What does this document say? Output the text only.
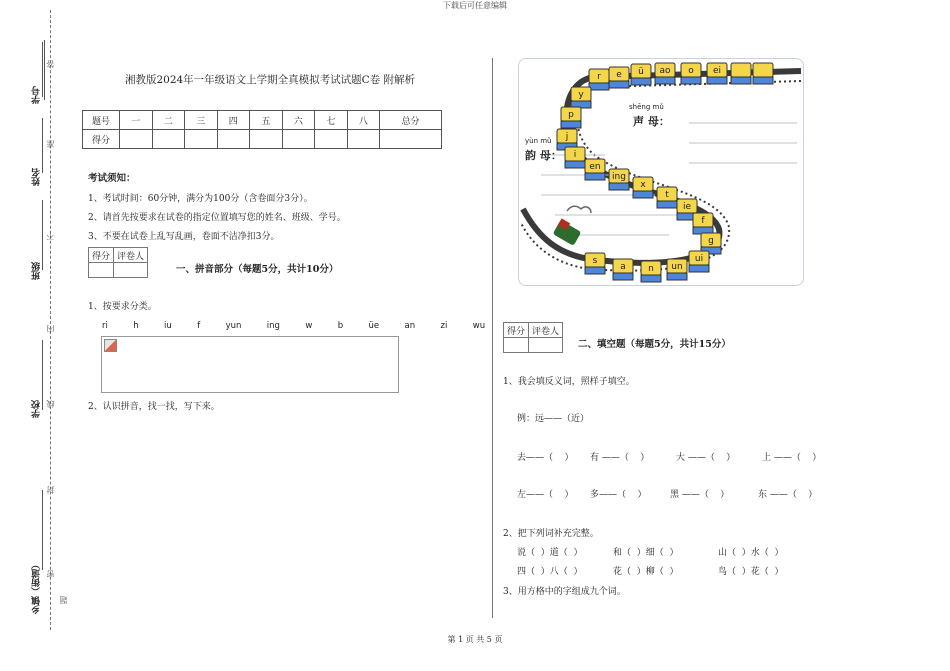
下载后可任意编辑
学号
姓名
班级
学校
乡镇（街道）
答
准
不
内
线
封
密
题
湘教版2024年一年级语文上学期全真模拟考试试题C卷 附解析
题号	一	二	三	四	五	六	七	八	总分
得分									
考试须知：
1、考试时间：60分钟，满分为100分（含卷面分3分）。
2、请首先按要求在试卷的指定位置填写您的姓名、班级、学号。
3、不要在试卷上乱写乱画，卷面不洁净扣3分。
得分	评卷人

一、拼音部分（每题5分，共计10分）
1、按要求分类。
ri  h  iu  f  yun  ing  w  b  üe  an  zi  wu
2、认识拼音，找一找，写下来。
r e ü ao o ei
y
p
j
i
en
ing
x
t
ie
f
g
ui
un
n
a
s
shēng mǔ
声 母：
yùn mǔ
韵 母：
得分	评卷人

二、填空题（每题5分，共计15分）
1、我会填反义词，照样子填空。
例：远——（近）
去——（    ） 有 ——（    ）	大 ——（    ）	上 ——（    ）
左——（    ） 多——（    ）	黑 ——（    ）	东 ——（    ）
2、把下列词补充完整。
说（  ）道（  ）	和（  ）细（  ）	山（  ）水（  ）
四（  ）八（  ）	花（  ）柳（  ）	鸟（  ）花（  ）
3、用方格中的字组成九个词。
第 1 页 共 5 页
